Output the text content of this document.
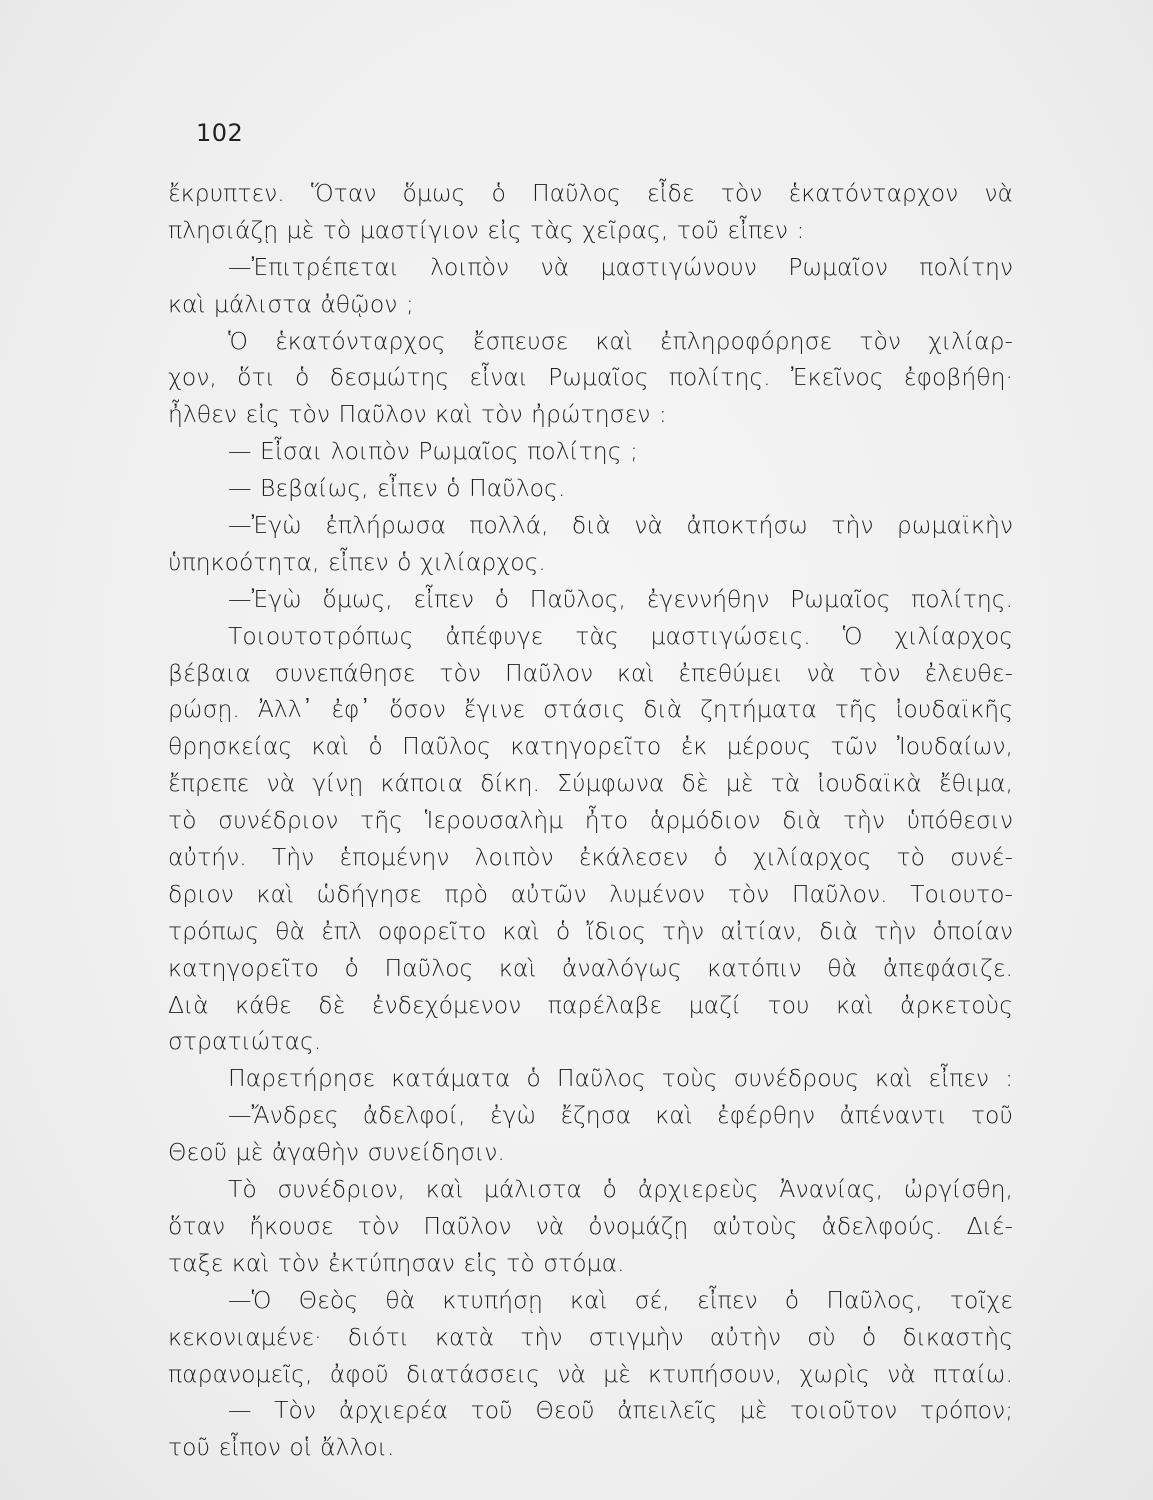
102
ἔκρυπτεν. Ὅταν ὅμως ὁ Παῦλος εἶδε τὸν ἑκατόνταρχον νὰ
πλησιάζῃ μὲ τὸ μαστίγιον εἰς τὰς χεῖρας, τοῦ εἶπεν :
—Ἐπιτρέπεται λοιπὸν νὰ μαστιγώνουν Ρωμαῖον πολίτην
καὶ μάλιστα ἀθῷον ;
Ὁ ἑκατόνταρχος ἔσπευσε καὶ ἐπληροφόρησε τὸν χιλίαρ-
χον, ὅτι ὁ δεσμώτης εἶναι Ρωμαῖος πολίτης. Ἐκεῖνος ἐφοβήθη·
ἦλθεν εἰς τὸν Παῦλον καὶ τὸν ἠρώτησεν :
— Εἶσαι λοιπὸν Ρωμαῖος πολίτης ;
— Βεβαίως, εἶπεν ὁ Παῦλος.
—Ἐγὼ ἐπλήρωσα πολλά, διὰ νὰ ἀποκτήσω τὴν ρωμαϊκὴν
ὑπηκοότητα, εἶπεν ὁ χιλίαρχος.
—Ἐγὼ ὅμως, εἶπεν ὁ Παῦλος, ἐγεννήθην Ρωμαῖος πολίτης.
Τοιουτοτρόπως ἀπέφυγε τὰς μαστιγώσεις. Ὁ χιλίαρχος
βέβαια συνεπάθησε τὸν Παῦλον καὶ ἐπεθύμει νὰ τὸν ἐλευθε-
ρώσῃ. Ἀλλ᾽ ἐφ᾽ ὅσον ἔγινε στάσις διὰ ζητήματα τῆς ἰουδαϊκῆς
θρησκείας καὶ ὁ Παῦλος κατηγορεῖτο ἐκ μέρους τῶν Ἰουδαίων,
ἔπρεπε νὰ γίνῃ κάποια δίκη. Σύμφωνα δὲ μὲ τὰ ἰουδαϊκὰ ἔθιμα,
τὸ συνέδριον τῆς Ἱερουσαλὴμ ἦτο ἁρμόδιον διὰ τὴν ὑπόθεσιν
αὐτήν. Τὴν ἑπομένην λοιπὸν ἐκάλεσεν ὁ χιλίαρχος τὸ συνέ-
δριον καὶ ὡδήγησε πρὸ αὐτῶν λυμένον τὸν Παῦλον. Τοιουτο-
τρόπως θὰ ἐπλ οφορεῖτο καὶ ὁ ἴδιος τὴν αἰτίαν, διὰ τὴν ὁποίαν
κατηγορεῖτο ὁ Παῦλος καὶ ἀναλόγως κατόπιν θὰ ἀπεφάσιζε.
Διὰ κάθε δὲ ἐνδεχόμενον παρέλαβε μαζί του καὶ ἀρκετοὺς
στρατιώτας.
Παρετήρησε κατάματα ὁ Παῦλος τοὺς συνέδρους καὶ εἶπεν :
—Ἄνδρες ἀδελφοί, ἐγὼ ἔζησα καὶ ἐφέρθην ἀπέναντι τοῦ
Θεοῦ μὲ ἀγαθὴν συνείδησιν.
Τὸ συνέδριον, καὶ μάλιστα ὁ ἀρχιερεὺς Ἀνανίας, ὠργίσθη,
ὅταν ἤκουσε τὸν Παῦλον νὰ ὀνομάζῃ αὐτοὺς ἀδελφούς. Διέ-
ταξε καὶ τὸν ἐκτύπησαν εἰς τὸ στόμα.
—Ὁ Θεὸς θὰ κτυπήσῃ καὶ σέ, εἶπεν ὁ Παῦλος, τοῖχε
κεκονιαμένε· διότι κατὰ τὴν στιγμὴν αὐτὴν σὺ ὁ δικαστὴς
παρανομεῖς, ἀφοῦ διατάσσεις νὰ μὲ κτυπήσουν, χωρὶς νὰ πταίω.
— Τὸν ἀρχιερέα τοῦ Θεοῦ ἀπειλεῖς μὲ τοιοῦτον τρόπον;
τοῦ εἶπον οἱ ἄλλοι.
